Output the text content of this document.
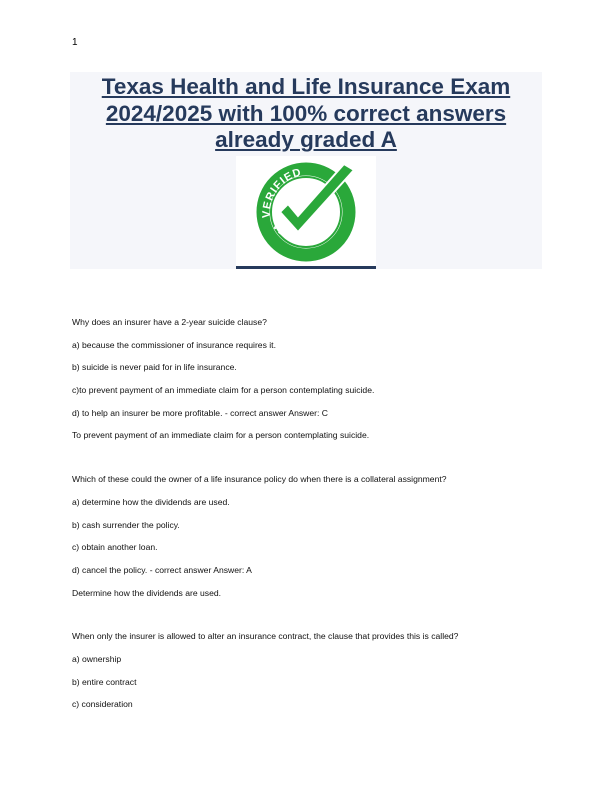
1
Texas Health and Life Insurance Exam
2024/2025 with 100% correct answers
already graded A
VERIFIED
VERIFIED
Why does an insurer have a 2-year suicide clause?
a) because the commissioner of insurance requires it.
b) suicide is never paid for in life insurance.
c)to prevent payment of an immediate claim for a person contemplating suicide.
d) to help an insurer be more profitable. - correct answer Answer: C
To prevent payment of an immediate claim for a person contemplating suicide.
Which of these could the owner of a life insurance policy do when there is a collateral assignment?
a) determine how the dividends are used.
b) cash surrender the policy.
c) obtain another loan.
d) cancel the policy. - correct answer Answer: A
Determine how the dividends are used.
When only the insurer is allowed to alter an insurance contract, the clause that provides this is called?
a) ownership
b) entire contract
c) consideration
